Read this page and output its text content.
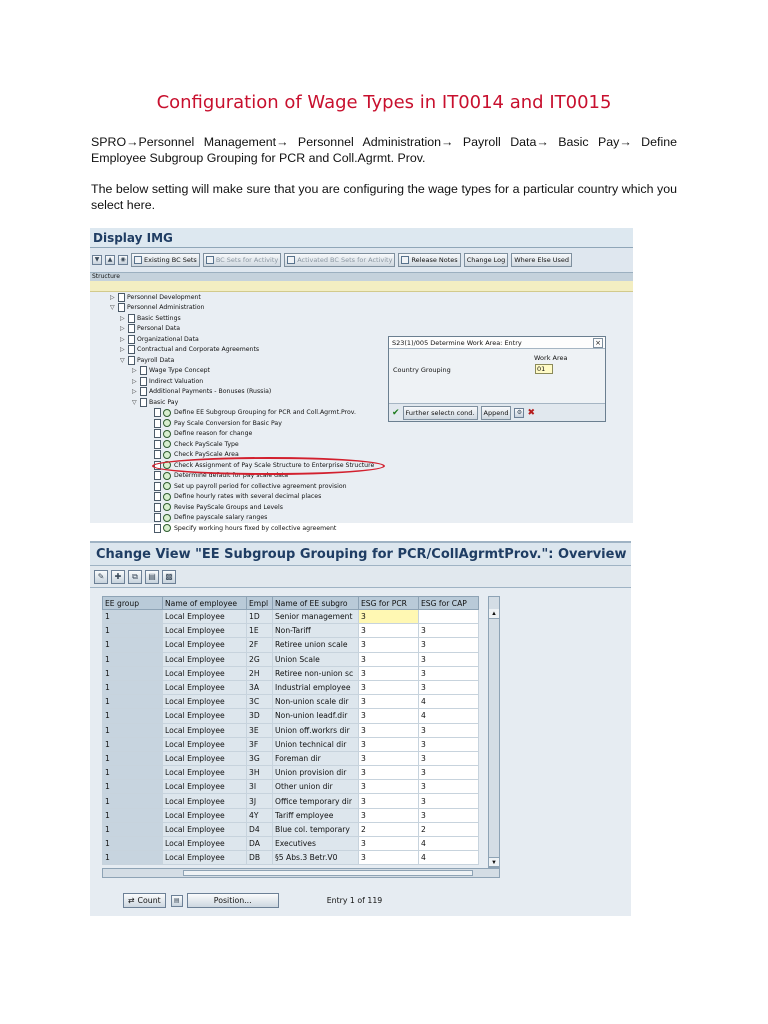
Configuration of Wage Types in IT0014 and IT0015

SPRO→Personnel Management→ Personnel Administration→ Payroll Data→ Basic Pay→ Define Employee Subgroup Grouping for PCR and Coll.Agrmt. Prov.

The below setting will make sure that you are configuring the wage types for a particular country which you select here.

Display IMG
▼	▲	◉	Existing BC Sets	BC Sets for Activity	Activated BC Sets for Activity	Release Notes Change Log Where Else Used
Structure
▷	Personnel Development
▽	Personnel Administration
▷	Basic Settings
▷	Personal Data
▷	Organizational Data
▷	Contractual and Corporate Agreements
▽	Payroll Data
▷	Wage Type Concept
▷	Indirect Valuation
▷	Additional Payments - Bonuses (Russia)
▽	Basic Pay
Define EE Subgroup Grouping for PCR and Coll.Agrmt.Prov.
Pay Scale Conversion for Basic Pay
Define reason for change
Check PayScale Type
Check PayScale Area
Check Assignment of Pay Scale Structure to Enterprise Structure
Determine default for pay scale data
Set up payroll period for collective agreement provision
Define hourly rates with several decimal places
Revise PayScale Groups and Levels
Define payscale salary ranges
Specify working hours fixed by collective agreement
S23(1)/005 Determine Work Area: Entry	×
Work Area
Country Grouping	01
✔ Further selectn cond.	Append	⚙ ✖
Change View "EE Subgroup Grouping for PCR/CollAgrmtProv.": Overview
✎	✚	⧉	▤	▩
EE group	Name of employee	Empl	Name of EE subgro	ESG for PCR	ESG for CAP
1	Local Employee	1D	Senior management	3	
1	Local Employee	1E	Non-Tariff	3	3
1	Local Employee	2F	Retiree union scale	3	3
1	Local Employee	2G	Union Scale	3	3
1	Local Employee	2H	Retiree non-union sc	3	3
1	Local Employee	3A	Industrial employee	3	3
1	Local Employee	3C	Non-union scale dir	3	4
1	Local Employee	3D	Non-union leadf.dir	3	4
1	Local Employee	3E	Union off.workrs dir	3	3
1	Local Employee	3F	Union technical dir	3	3
1	Local Employee	3G	Foreman dir	3	3
1	Local Employee	3H	Union provision dir	3	3
1	Local Employee	3I	Other union dir	3	3
1	Local Employee	3J	Office temporary dir	3	3
1	Local Employee	4Y	Tariff employee	3	3
1	Local Employee	D4	Blue col. temporary	2	2
1	Local Employee	DA	Executives	3	4
1	Local Employee	DB	§5 Abs.3 Betr.V0	3	4
▲
▼
⇄ Count	▤	Position...	Entry 1 of 119
